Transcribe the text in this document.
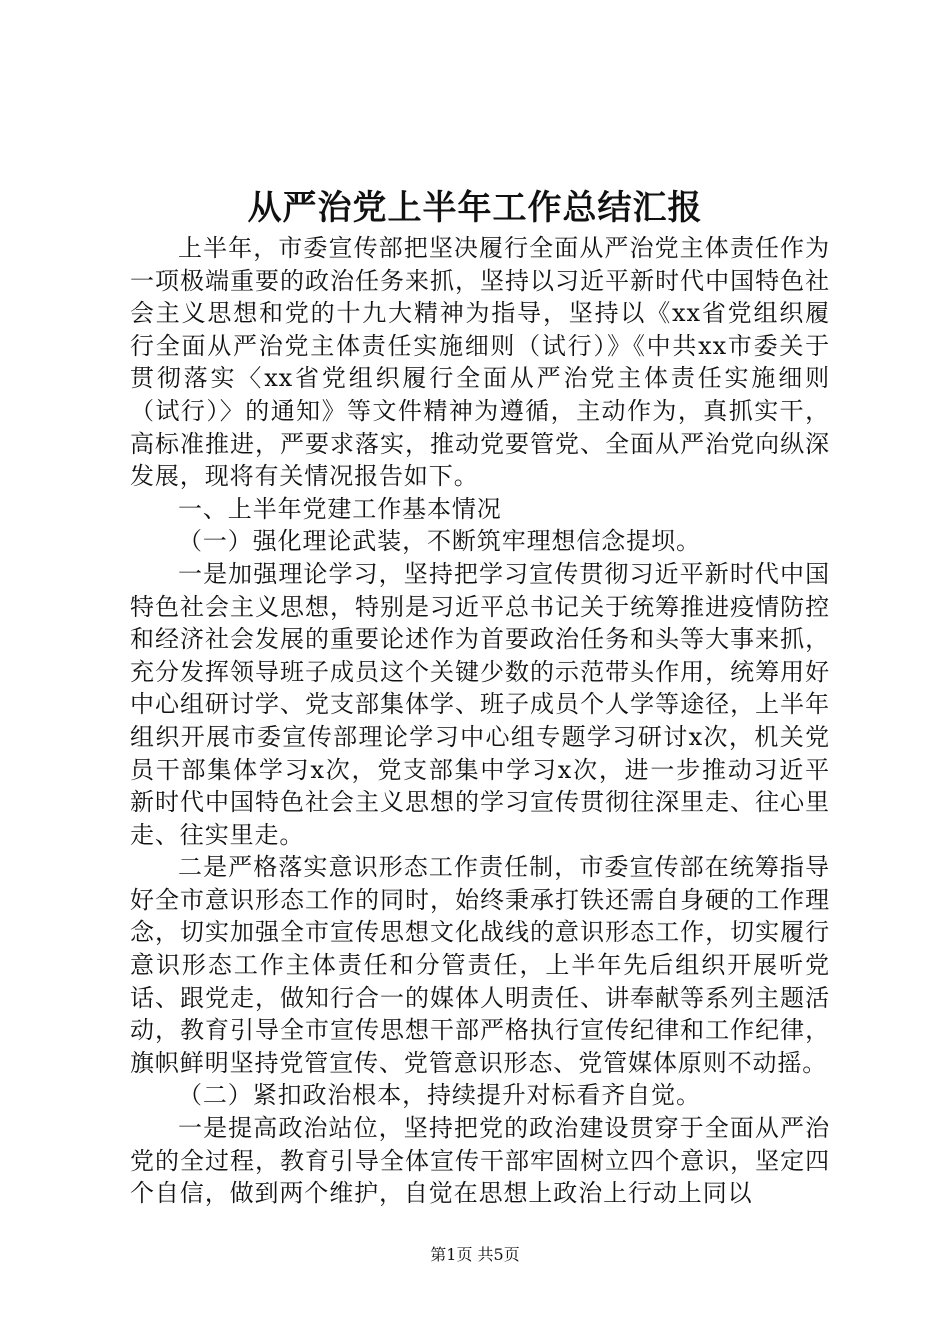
从严治党上半年工作总结汇报

上半年，市委宣传部把坚决履行全面从严治党主体责任作为一项极端重要的政治任务来抓，坚持以习近平新时代中国特色社会主义思想和党的十九大精神为指导，坚持以《xx省党组织履行全面从严治党主体责任实施细则（试行）》《中共xx市委关于贯彻落实〈xx省党组织履行全面从严治党主体责任实施细则（试行）〉的通知》等文件精神为遵循，主动作为，真抓实干，高标准推进，严要求落实，推动党要管党、全面从严治党向纵深发展，现将有关情况报告如下。

一、上半年党建工作基本情况

（一）强化理论武装，不断筑牢理想信念提坝。

一是加强理论学习，坚持把学习宣传贯彻习近平新时代中国特色社会主义思想，特别是习近平总书记关于统筹推进疫情防控和经济社会发展的重要论述作为首要政治任务和头等大事来抓，充分发挥领导班子成员这个关键少数的示范带头作用，统筹用好中心组研讨学、党支部集体学、班子成员个人学等途径，上半年组织开展市委宣传部理论学习中心组专题学习研讨x次，机关党员干部集体学习x次，党支部集中学习x次，进一步推动习近平新时代中国特色社会主义思想的学习宣传贯彻往深里走、往心里走、往实里走。

二是严格落实意识形态工作责任制，市委宣传部在统筹指导好全市意识形态工作的同时，始终秉承打铁还需自身硬的工作理念，切实加强全市宣传思想文化战线的意识形态工作，切实履行意识形态工作主体责任和分管责任，上半年先后组织开展听党话、跟党走，做知行合一的媒体人明责任、讲奉献等系列主题活动，教育引导全市宣传思想干部严格执行宣传纪律和工作纪律，旗帜鲜明坚持党管宣传、党管意识形态、党管媒体原则不动摇。

（二）紧扣政治根本，持续提升对标看齐自觉。

一是提高政治站位，坚持把党的政治建设贯穿于全面从严治党的全过程，教育引导全体宣传干部牢固树立四个意识，坚定四个自信，做到两个维护，自觉在思想上政治上行动上同以

第1页 共5页
